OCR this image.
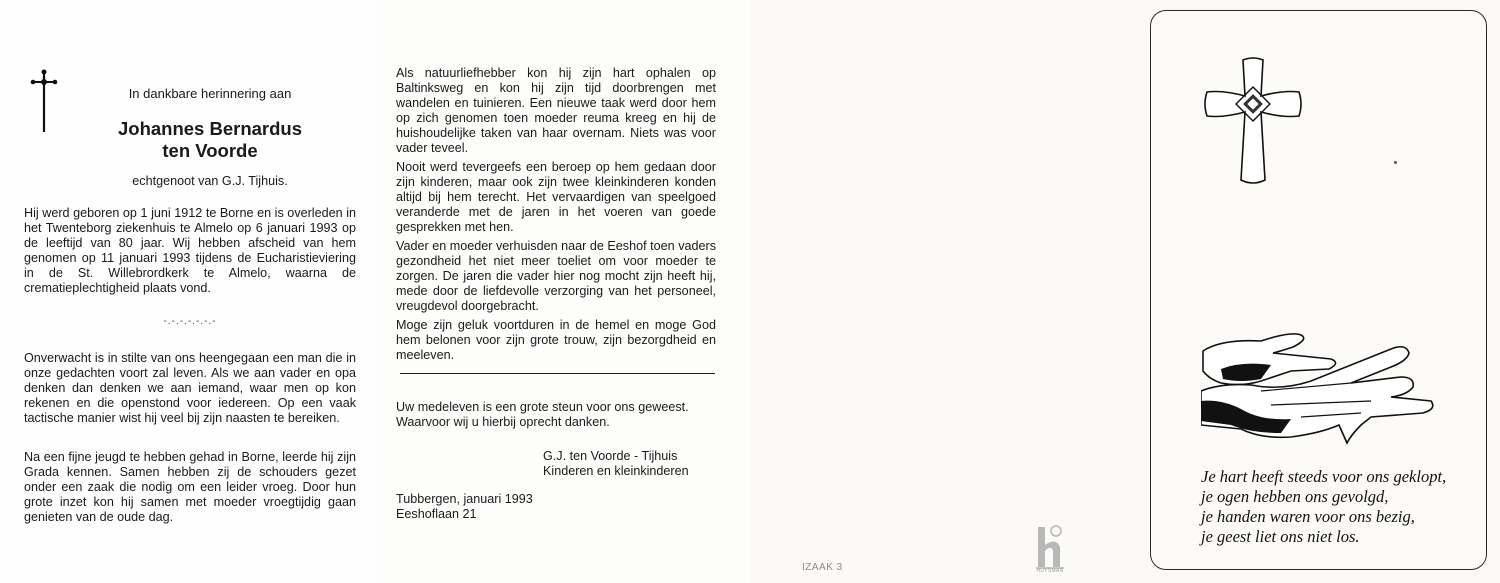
In dankbare herinnering aan
Johannes Bernardus
ten Voorde
echtgenoot van G.J. Tijhuis.

Hij werd geboren op 1 juni 1912 te Borne en is overleden in het Twenteborg ziekenhuis te Almelo op 6 januari 1993 op de leeftijd van 80 jaar. Wij hebben afscheid van hem genomen op 11 januari 1993 tijdens de Eucharistieviering in de St. Willebrordkerk te Almelo, waarna de crematieplechtigheid plaats vond.

-.-.-.-.-.-.-

Onverwacht is in stilte van ons heengegaan een man die in onze gedachten voort zal leven. Als we aan vader en opa denken dan denken we aan iemand, waar men op kon rekenen en die openstond voor iedereen. Op een vaak tactische manier wist hij veel bij zijn naasten te bereiken.

Na een fijne jeugd te hebben gehad in Borne, leerde hij zijn Grada kennen. Samen hebben zij de schouders gezet onder een zaak die nodig om een leider vroeg. Door hun grote inzet kon hij samen met moeder vroegtijdig gaan genieten van de oude dag.

Als natuurliefhebber kon hij zijn hart ophalen op Baltinksweg en kon hij zijn tijd doorbrengen met wandelen en tuinieren. Een nieuwe taak werd door hem op zich genomen toen moeder reuma kreeg en hij de huishoudelijke taken van haar overnam. Niets was voor vader teveel.

Nooit werd tevergeefs een beroep op hem gedaan door zijn kinderen, maar ook zijn twee kleinkinderen konden altijd bij hem terecht. Het vervaardigen van speelgoed veranderde met de jaren in het voeren van goede gesprekken met hen.

Vader en moeder verhuisden naar de Eeshof toen vaders gezondheid het niet meer toeliet om voor moeder te zorgen. De jaren die vader hier nog mocht zijn heeft hij, mede door de liefdevolle verzorging van het personeel, vreugdevol doorgebracht.

Moge zijn geluk voortduren in de hemel en moge God hem belonen voor zijn grote trouw, zijn bezorgdheid en meeleven.

Uw medeleven is een grote steun voor ons geweest.
Waarvoor wij u hierbij oprecht danken.
G.J. ten Voorde - Tijhuis
Kinderen en kleinkinderen
Tubbergen, januari 1993
Eeshoflaan 21
IZAAK 3	HUYSMAN
Je hart heeft steeds voor ons geklopt,
je ogen hebben ons gevolgd,
je handen waren voor ons bezig,
je geest liet ons niet los.
